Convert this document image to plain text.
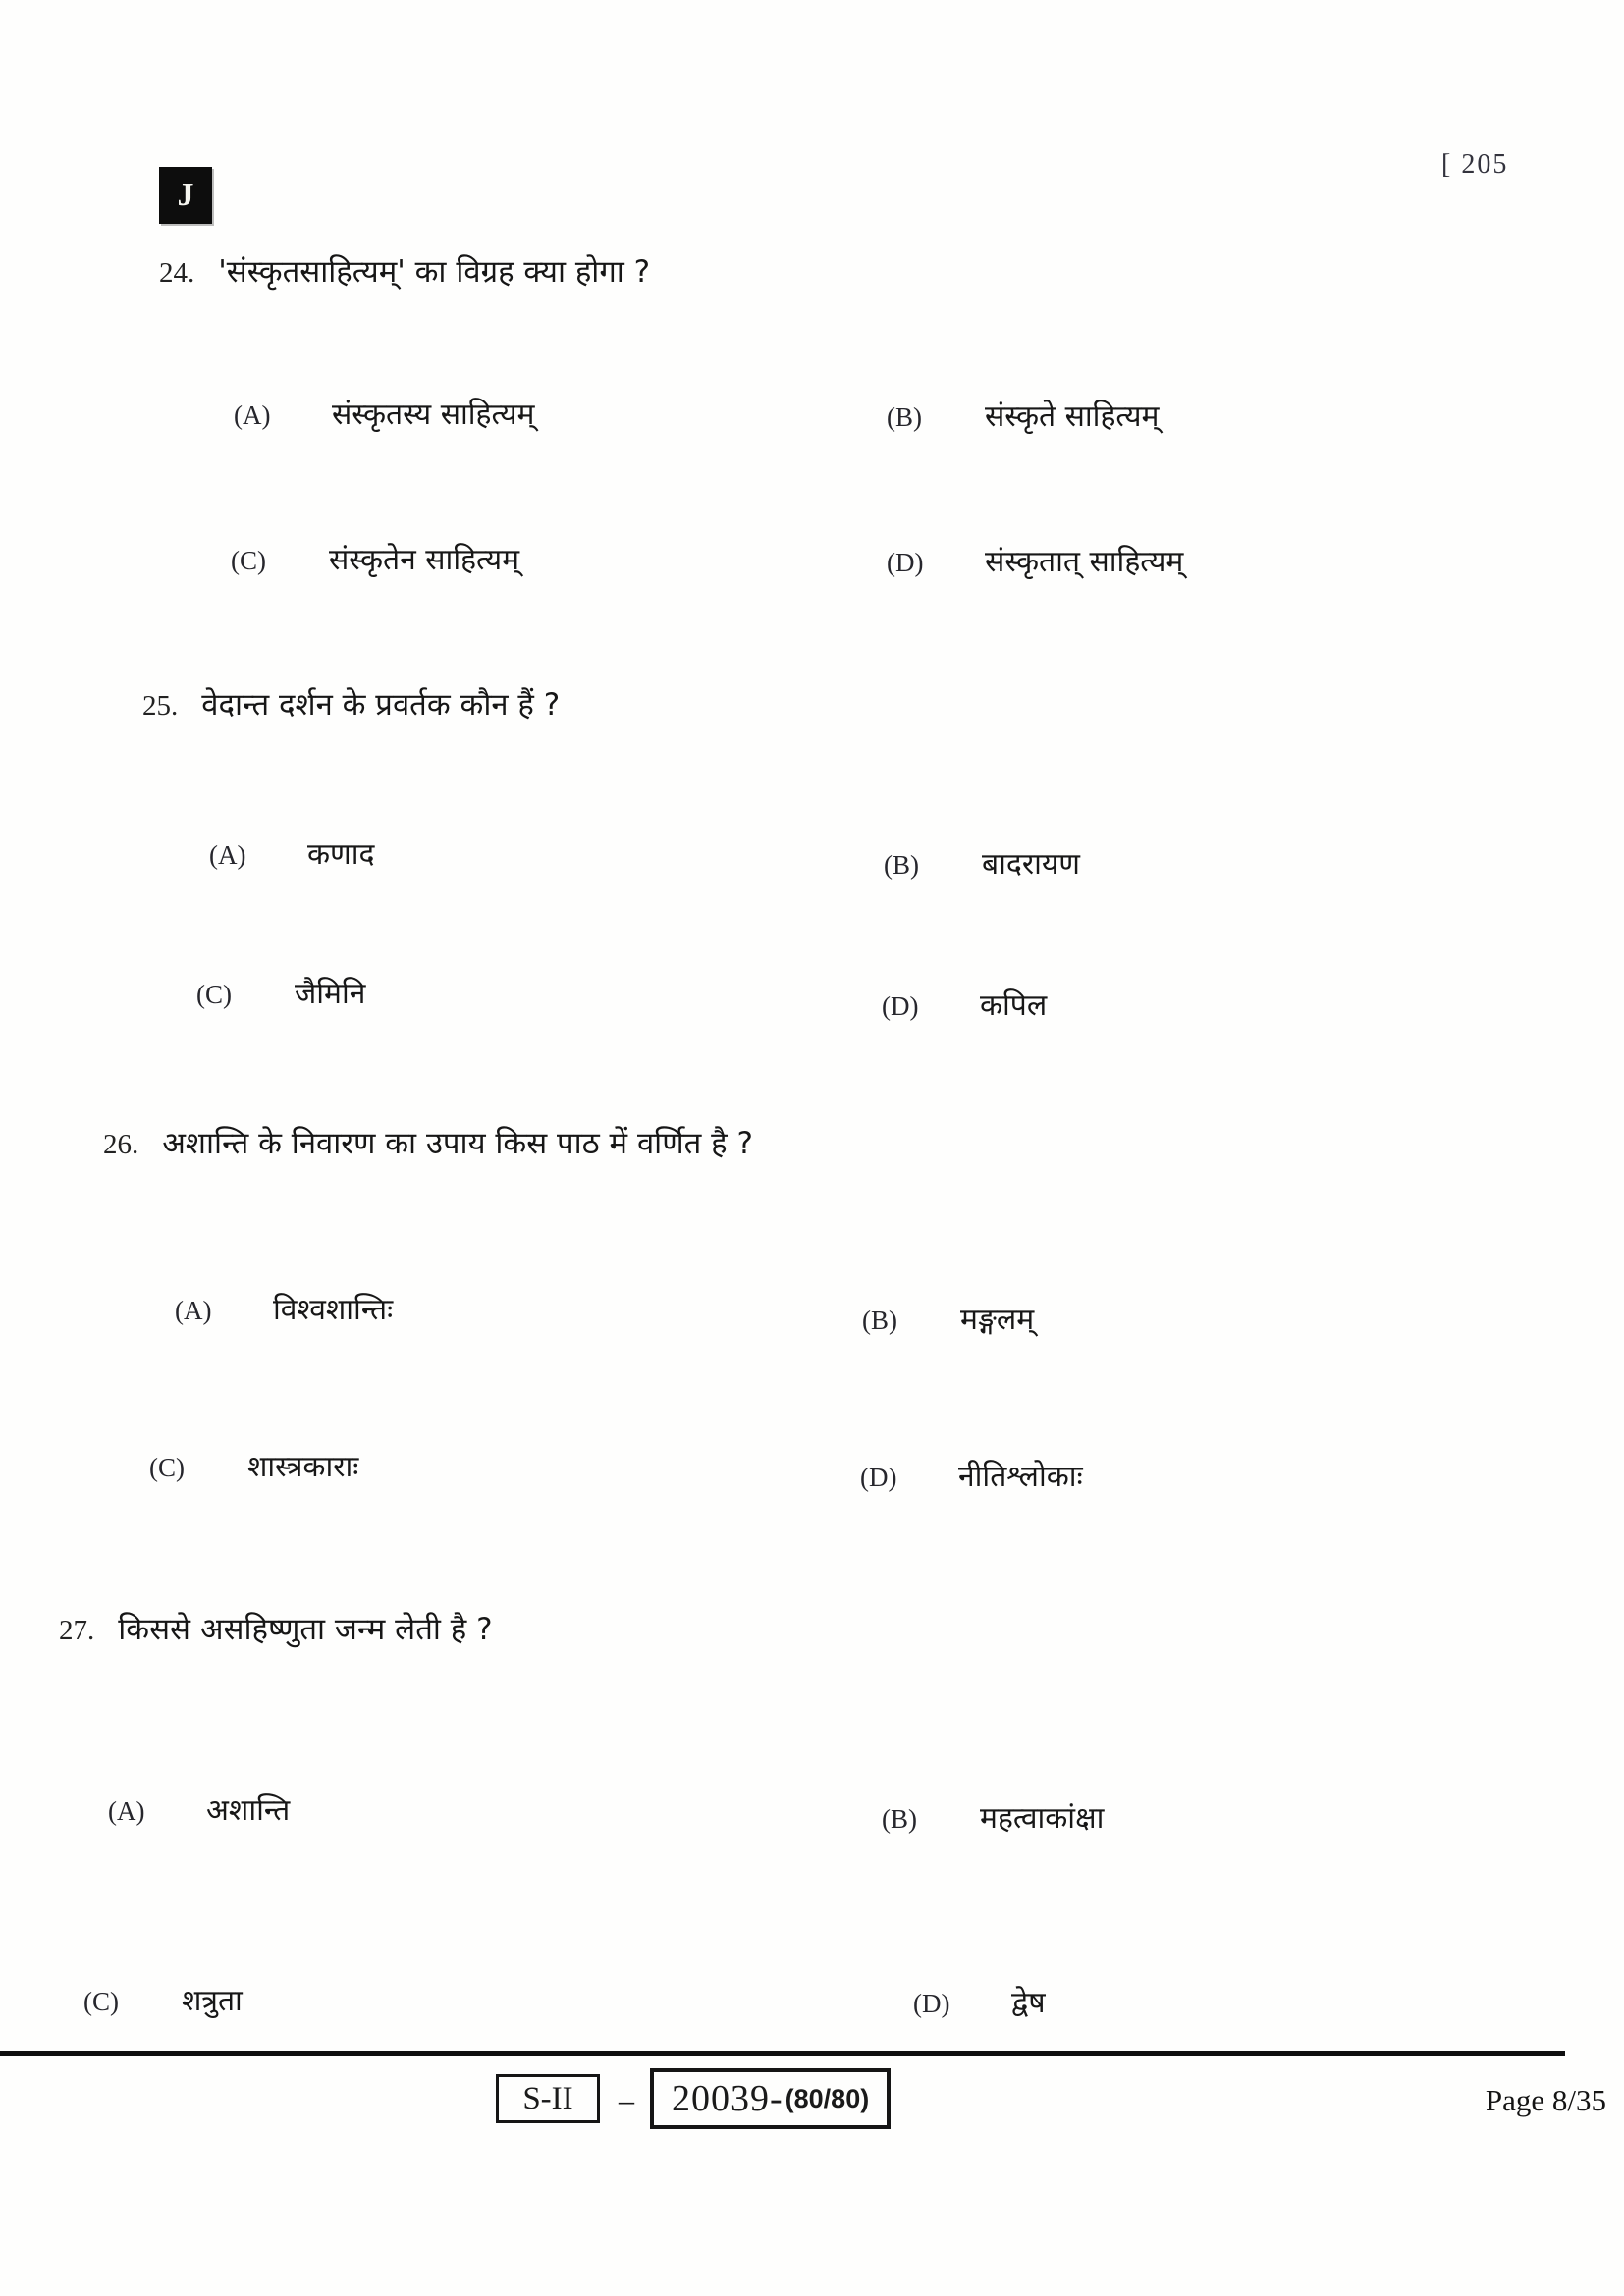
J
[ 205
24. 'संस्कृतसाहित्यम्' का विग्रह क्या होगा ?
(A) संस्कृतस्य साहित्यम्	(B) संस्कृते साहित्यम्
(C) संस्कृतेन साहित्यम्	(D) संस्कृतात् साहित्यम्
25. वेदान्त दर्शन के प्रवर्तक कौन हैं ?
(A) कणाद	(B) बादरायण
(C) जैमिनि	(D) कपिल
26. अशान्ति के निवारण का उपाय किस पाठ में वर्णित है ?
(A) विश्वशान्तिः	(B) मङ्गलम्
(C) शास्त्रकाराः	(D) नीतिश्लोकाः
27. किससे असहिष्णुता जन्म लेती है ?
(A) अशान्ति	(B) महत्वाकांक्षा
(C) शत्रुता	(D) द्वेष
S-II – 20039- (80/80)	Page 8/35
